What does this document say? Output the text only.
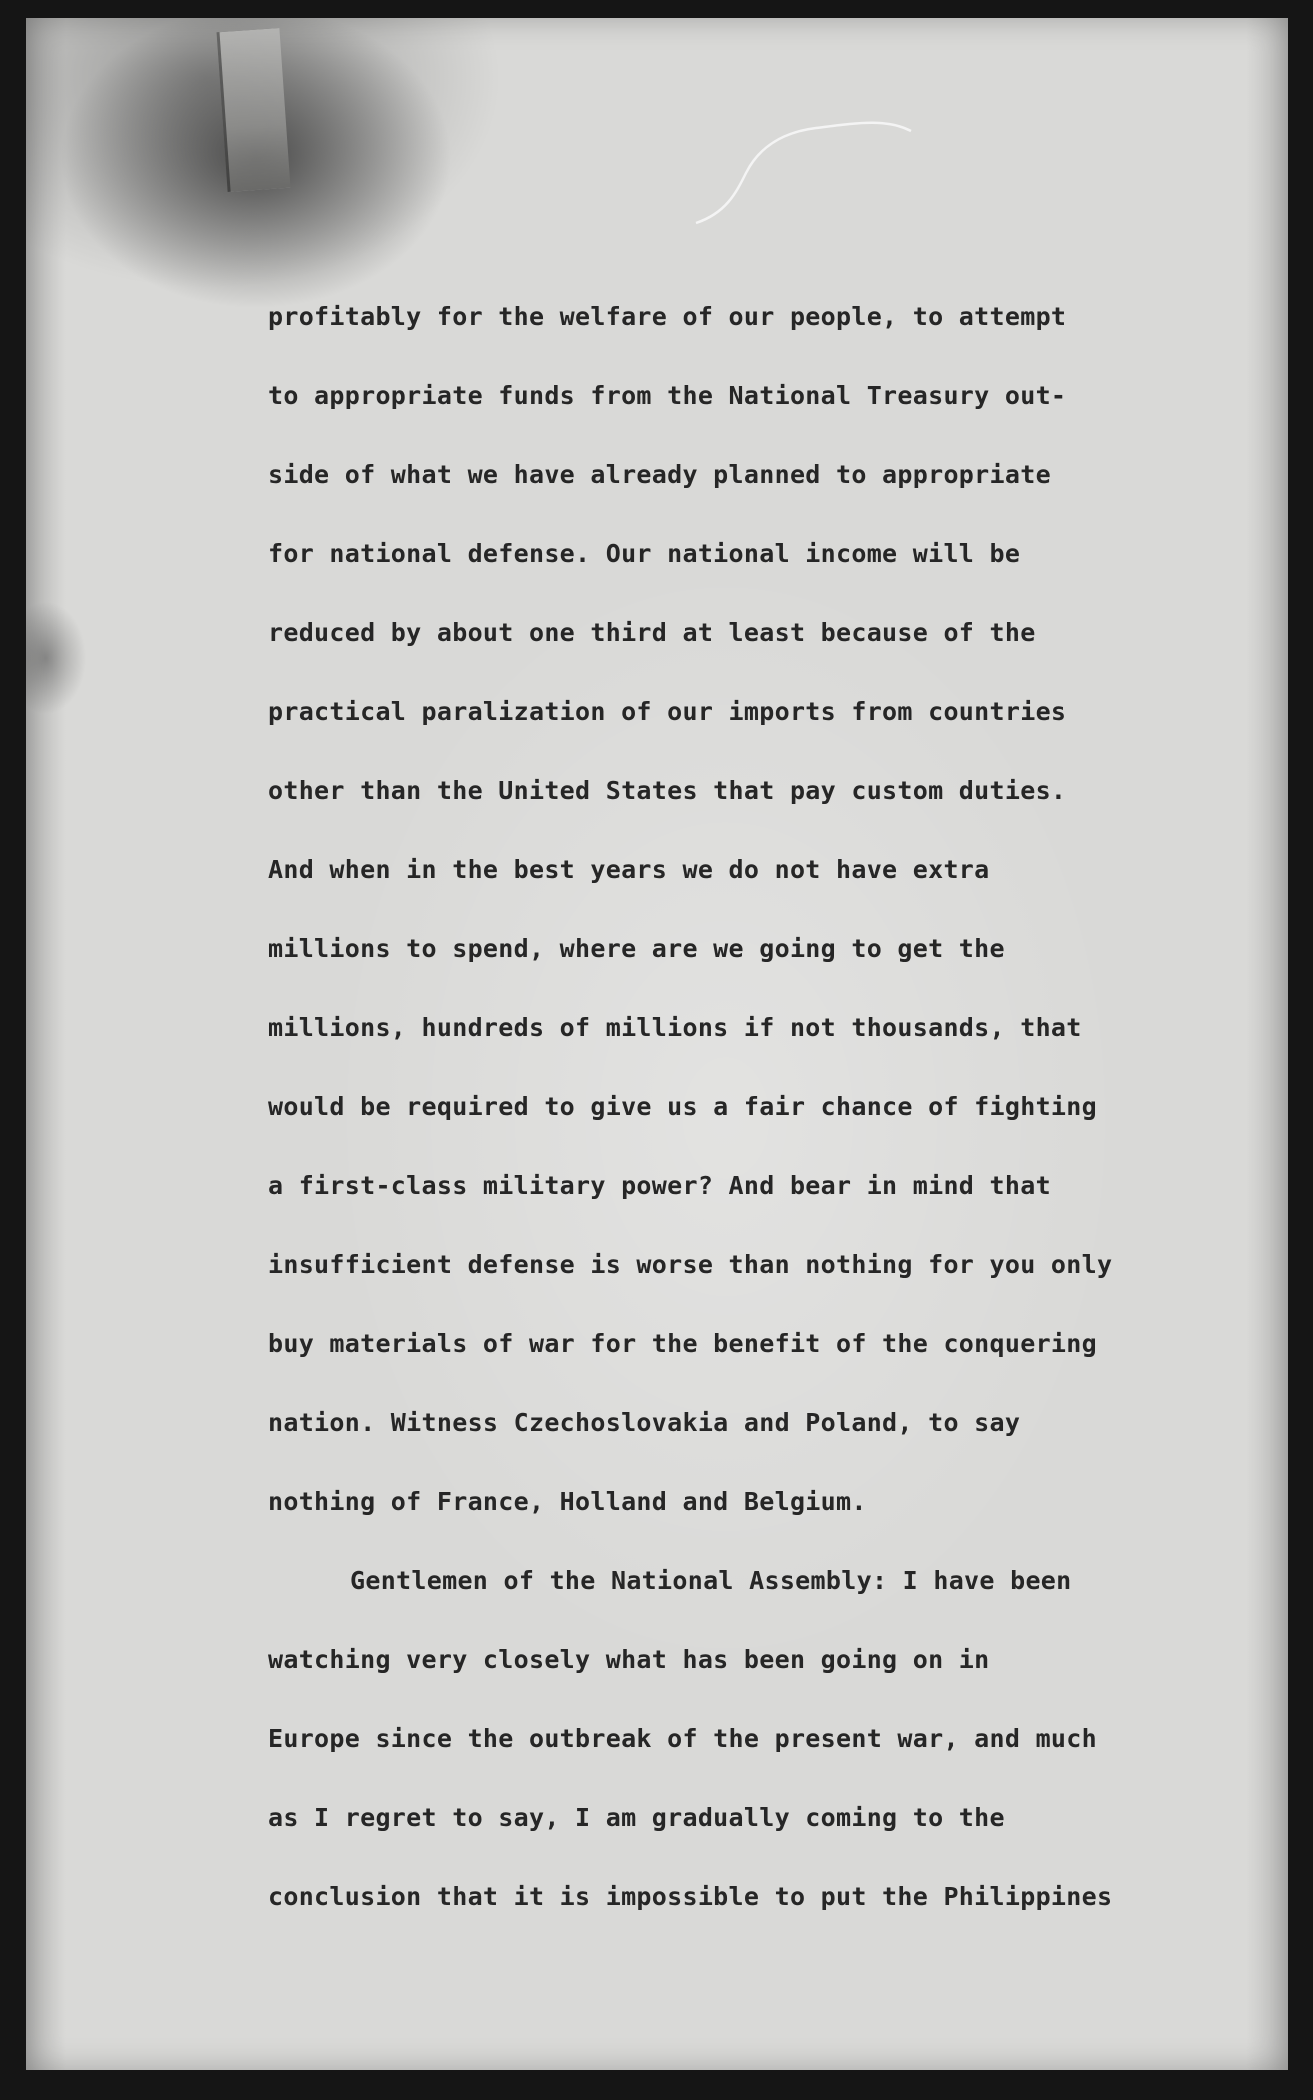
profitably for the welfare of our people, to attempt
to appropriate funds from the National Treasury out-
side of what we have already planned to appropriate
for national defense. Our national income will be
reduced by about one third at least because of the
practical paralization of our imports from countries
other than the United States that pay custom duties.
And when in the best years we do not have extra
millions to spend, where are we going to get the
millions, hundreds of millions if not thousands, that
would be required to give us a fair chance of fighting
a first-class military power? And bear in mind that
insufficient defense is worse than nothing for you only
buy materials of war for the benefit of the conquering
nation. Witness Czechoslovakia and Poland, to say
nothing of France, Holland and Belgium.
Gentlemen of the National Assembly: I have been
watching very closely what has been going on in
Europe since the outbreak of the present war, and much
as I regret to say, I am gradually coming to the
conclusion that it is impossible to put the Philippines
